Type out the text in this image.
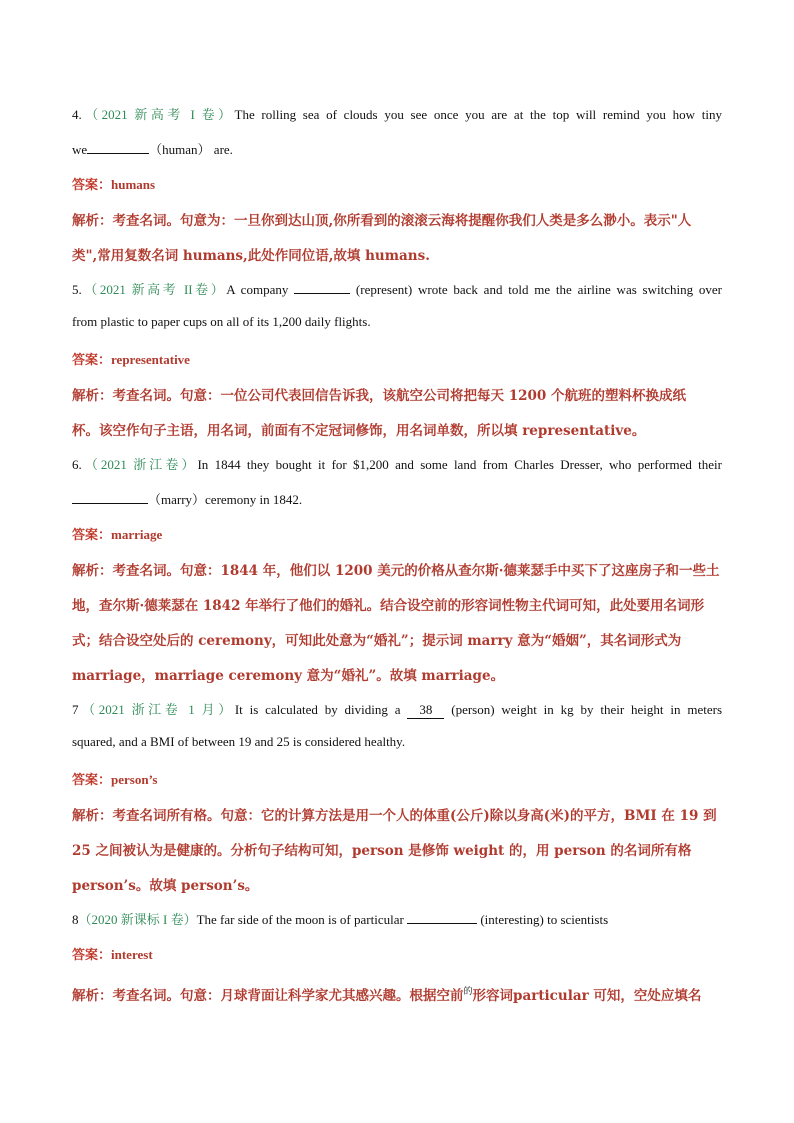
4.（2021 新高考 I 卷）The rolling sea of clouds you see once you are at the top will remind you how tiny
we	（human） are.
答案：humans
解析：考查名词。句意为：一旦你到达山顶,你所看到的滚滚云海将提醒你我们人类是多么渺小。表示"人
类",常用复数名词 humans,此处作同位语,故填 humans.
5.（2021 新高考 II卷）A company	(represent) wrote back and told me the airline was switching over
from plastic to paper cups on all of its 1,200 daily flights.
答案：representative
解析：考查名词。句意：一位公司代表回信告诉我，该航空公司将把每天 1200 个航班的塑料杯换成纸
杯。该空作句子主语，用名词，前面有不定冠词修饰，用名词单数，所以填 representative。
6.（2021 浙江卷）In 1844 they bought it for $1,200 and some land from Charles Dresser, who performed their
（marry）ceremony in 1842.
答案：marriage
解析：考查名词。句意：1844 年，他们以 1200 美元的价格从查尔斯·德莱瑟手中买下了这座房子和一些土
地，查尔斯·德莱瑟在 1842 年举行了他们的婚礼。结合设空前的形容词性物主代词可知，此处要用名词形
式；结合设空处后的 ceremony，可知此处意为“婚礼”；提示词 marry 意为“婚姻”，其名词形式为
marriage，marriage ceremony 意为“婚礼”。故填 marriage。
7（2021 浙江卷 1 月）It is calculated by dividing a 38 (person) weight in kg by their height in meters
squared, and a BMI of between 19 and 25 is considered healthy.
答案：person’s
解析：考查名词所有格。句意：它的计算方法是用一个人的体重(公斤)除以身高(米)的平方，BMI 在 19 到
25 之间被认为是健康的。分析句子结构可知，person 是修饰 weight 的，用 person 的名词所有格
person’s。故填 person’s。
8（2020 新课标 I 卷）The far side of the moon is of particular	(interesting) to scientists
答案：interest
解析：考查名词。句意：月球背面让科学家尤其感兴趣。根据空前$^的$形容词particular 可知，空处应填名
